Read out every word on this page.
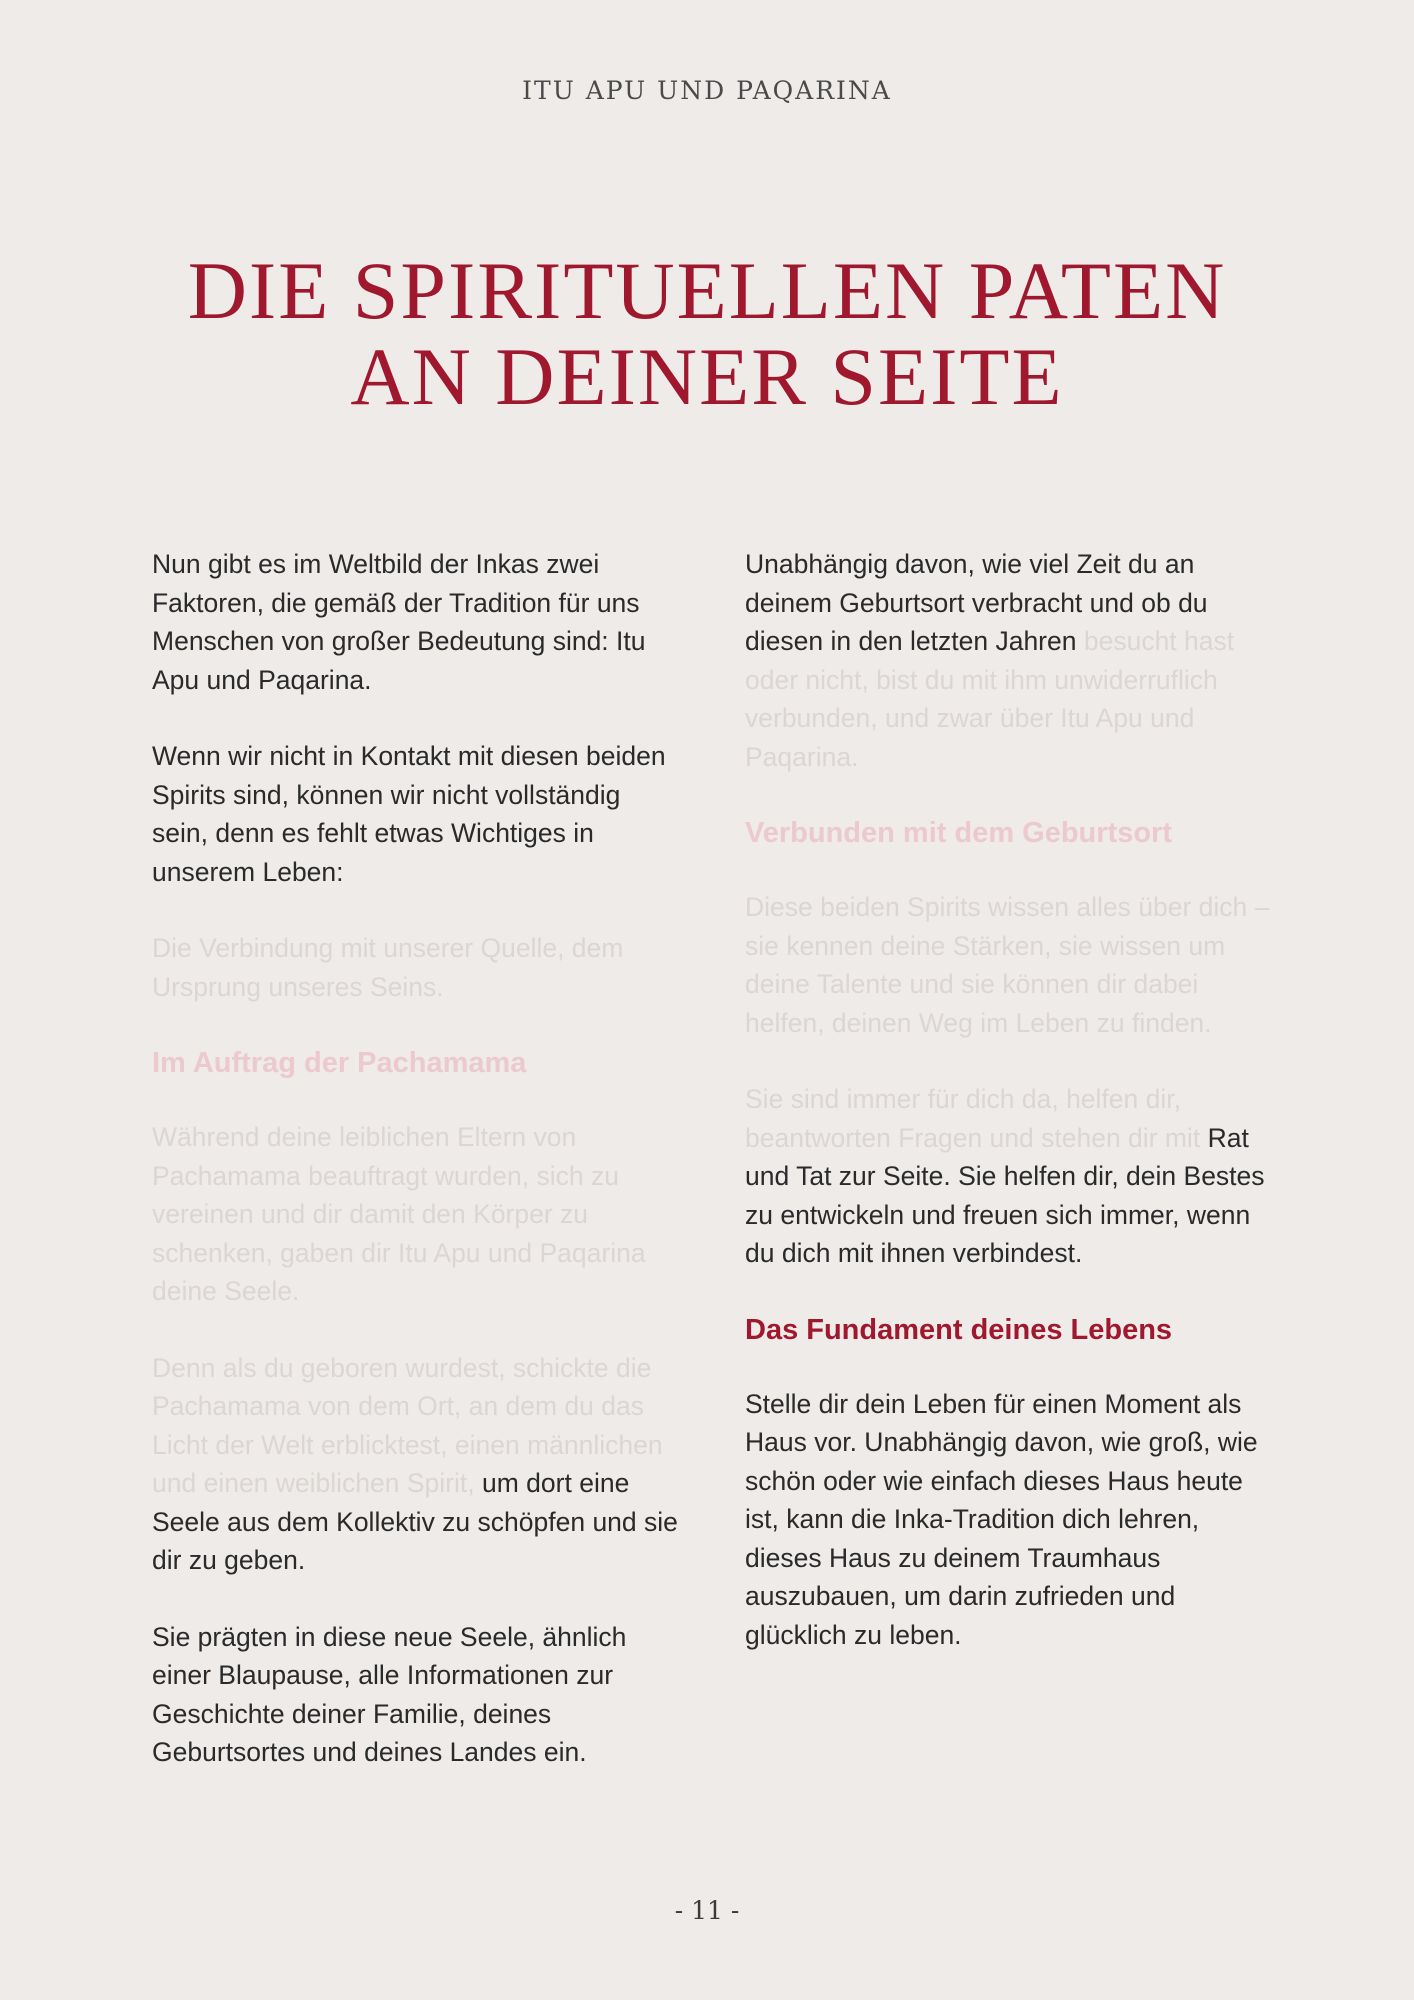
ITU APU UND PAQARINA
DIE SPIRITUELLEN PATEN
AN DEINER SEITE

Nun gibt es im Weltbild der Inkas zwei Faktoren, die gemäß der Tradition für uns Menschen von großer Bedeutung sind: Itu Apu und Paqarina.

Wenn wir nicht in Kontakt mit diesen beiden Spirits sind, können wir nicht vollständig sein, denn es fehlt etwas Wichtiges in unserem Leben:

Die Verbindung mit unserer Quelle, dem Ursprung unseres Seins.

Im Auftrag der Pachamama

Während deine leiblichen Eltern von Pachamama beauftragt wurden, sich zu vereinen und dir damit den Körper zu schenken, gaben dir Itu Apu und Paqarina deine Seele.

Denn als du geboren wurdest, schickte die Pachamama von dem Ort, an dem du das Licht der Welt erblicktest, einen männlichen und einen weiblichen Spirit, um dort eine Seele aus dem Kollektiv zu schöpfen und sie dir zu geben.

Sie prägten in diese neue Seele, ähnlich einer Blaupause, alle Informationen zur Geschichte deiner Familie, deines Geburtsortes und deines Landes ein.

Unabhängig davon, wie viel Zeit du an deinem Geburtsort verbracht und ob du diesen in den letzten Jahren besucht hast oder nicht, bist du mit ihm unwiderruflich verbunden, und zwar über Itu Apu und Paqarina.

Verbunden mit dem Geburtsort

Diese beiden Spirits wissen alles über dich – sie kennen deine Stärken, sie wissen um deine Talente und sie können dir dabei helfen, deinen Weg im Leben zu finden.

Sie sind immer für dich da, helfen dir, beantworten Fragen und stehen dir mit Rat und Tat zur Seite. Sie helfen dir, dein Bestes zu entwickeln und freuen sich immer, wenn du dich mit ihnen verbindest.

Das Fundament deines Lebens

Stelle dir dein Leben für einen Moment als Haus vor. Unabhängig davon, wie groß, wie schön oder wie einfach dieses Haus heute ist, kann die Inka-Tradition dich lehren, dieses Haus zu deinem Traumhaus auszubauen, um darin zufrieden und glücklich zu leben.

- 11 -
